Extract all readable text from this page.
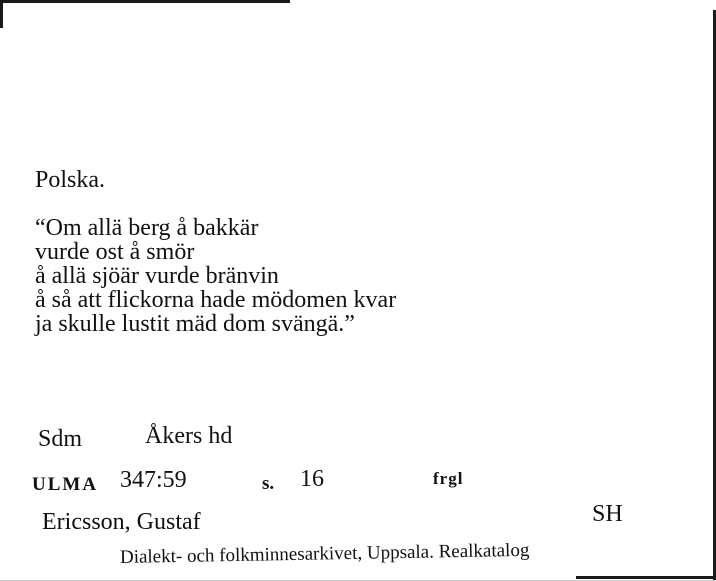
Polska.
“Om allä berg å bakkär
vurde ost å smör
å allä sjöär vurde bränvin
å så att flickorna hade mödomen kvar
ja skulle lustit mäd dom svängä.”
Sdm	Åkers hd
ULMA 347:59	s. 16	frgl
Ericsson, Gustaf	SH
Dialekt- och folkminnesarkivet, Uppsala. Realkatalog
